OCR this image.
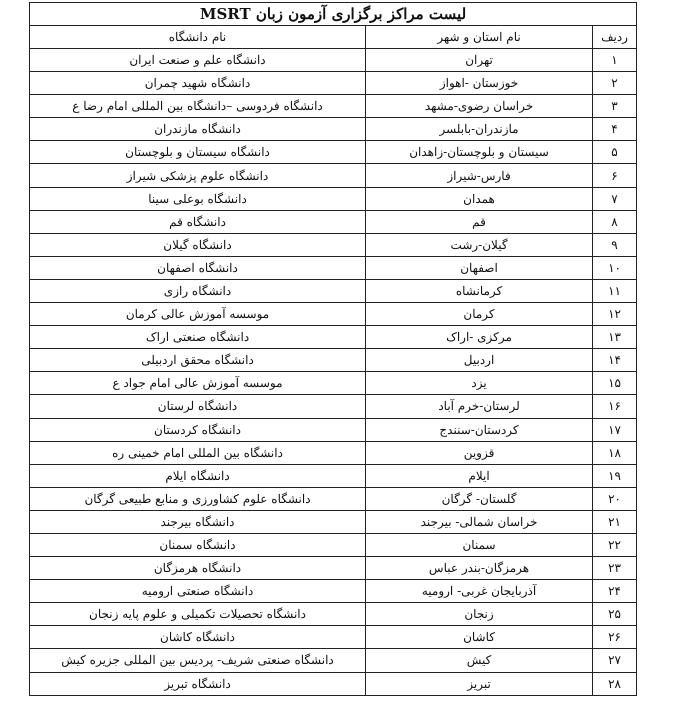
لیست مراکز برگزاری آزمون زبان MSRT		
ردیف	نام استان و شهر	نام دانشگاه
۱	تهران	دانشگاه علم و صنعت ایران
۲	خوزستان -اهواز	دانشگاه شهید چمران
۳	خراسان رضوی-مشهد	دانشگاه فردوسی –دانشگاه بین المللی امام رضا ع
۴	مازندران-بابلسر	دانشگاه مازندران
۵	سیستان و بلوچستان-زاهدان	دانشگاه سیستان و بلوچستان
۶	فارس-شیراز	دانشگاه علوم پزشکی شیراز
۷	همدان	دانشگاه بوعلی سینا
۸	قم	دانشگاه قم
۹	گیلان-رشت	دانشگاه گیلان
۱۰	اصفهان	دانشگاه اصفهان
۱۱	کرمانشاه	دانشگاه رازی
۱۲	کرمان	موسسه آموزش عالی کرمان
۱۳	مرکزی -اراک	دانشگاه صنعتی اراک
۱۴	اردبیل	دانشگاه محقق اردبیلی
۱۵	یزد	موسسه آموزش عالی امام جواد ع
۱۶	لرستان-خرم آباد	دانشگاه لرستان
۱۷	کردستان-سنندج	دانشگاه کردستان
۱۸	قزوین	دانشگاه بین المللی امام خمینی ره
۱۹	ایلام	دانشگاه ایلام
۲۰	گلستان- گرگان	دانشگاه علوم کشاورزی و منابع طبیعی گرگان
۲۱	خراسان شمالی- بیرجند	دانشگاه بیرجند
۲۲	سمنان	دانشگاه سمنان
۲۳	هرمزگان-بندر عباس	دانشگاه هرمزگان
۲۴	آذربایجان غربی- ارومیه	دانشگاه صنعتی ارومیه
۲۵	زنجان	دانشگاه تحصیلات تکمیلی و علوم پایه زنجان
۲۶	کاشان	دانشگاه کاشان
۲۷	کیش	دانشگاه صنعتی شریف- پردیس بین المللی جزیره کیش
۲۸	تبریز	دانشگاه تبریز
